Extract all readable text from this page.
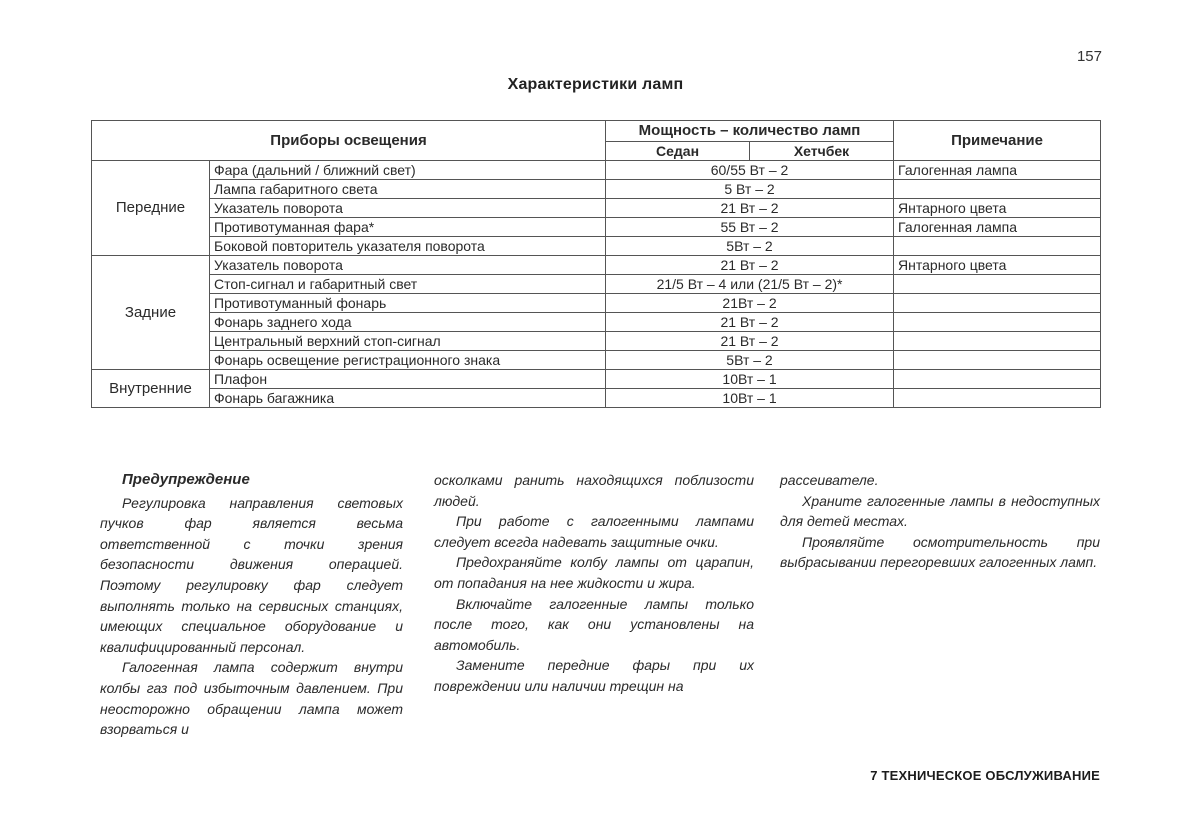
157
Характеристики ламп
Приборы освещения		Мощность – количество ламп		Примечание
		Седан	Хетчбек	
Передние	Фара (дальний / ближний свет)	60/55 Вт – 2		Галогенная лампа
	Лампа габаритного света	5 Вт – 2		
	Указатель поворота	21 Вт – 2		Янтарного цвета
	Противотуманная фара*	55 Вт – 2		Галогенная лампа
	Боковой повторитель указателя поворота	5Вт – 2		
Задние	Указатель поворота	21 Вт – 2		Янтарного цвета
	Стоп-сигнал и габаритный свет	21/5 Вт – 4 или (21/5 Вт – 2)*		
	Противотуманный фонарь	21Вт – 2		
	Фонарь заднего хода	21 Вт – 2		
	Центральный верхний стоп-сигнал	21 Вт – 2		
	Фонарь освещение регистрационного знака	5Вт – 2		
Внутренние	Плафон	10Вт – 1		
	Фонарь багажника	10Вт – 1		
Предупреждение

Регулировка направления световых пучков фар является весьма ответственной с точки зрения безопасности движения операцией. Поэтому регулировку фар следует выполнять только на сервисных станциях, имеющих специальное оборудование и квалифицированный персонал.

Галогенная лампа содержит внутри колбы газ под избыточным давлением. При неосторожно обращении лампа может взорваться и

осколками ранить находящихся поблизости людей.

При работе с галогенными лампами следует всегда надевать защитные очки.

Предохраняйте колбу лампы от царапин, от попадания на нее жидкости и жира.

Включайте галогенные лампы только после того, как они установлены на автомобиль.

Замените передние фары при их повреждении или наличии трещин на

рассеивателе.

Храните галогенные лампы в недоступных для детей местах.

Проявляйте осмотрительность при выбрасывании перегоревших галогенных ламп.

7 ТЕХНИЧЕСКОЕ ОБСЛУЖИВАНИЕ
